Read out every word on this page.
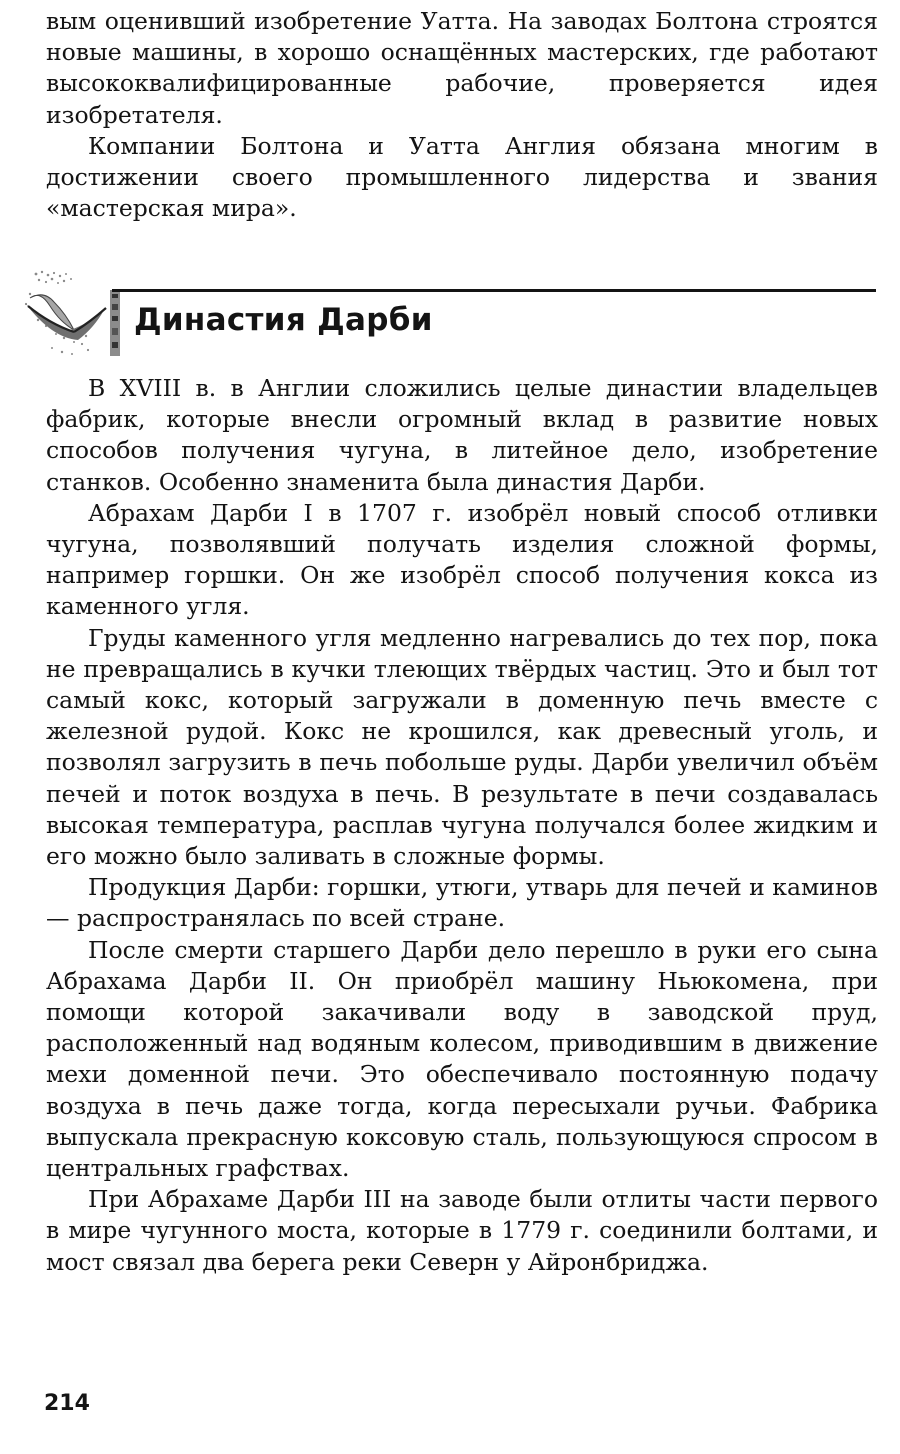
вым оценивший изобретение Уатта. На заводах Болтона строятся новые машины, в хорошо оснащённых мастерских, где работают высококвалифицированные рабочие, проверяется идея изобретателя.

Компании Болтона и Уатта Англия обязана многим в достижении своего промышленного лидерства и звания «мастерская мира».

Династия Дарби

В XVIII в. в Англии сложились целые династии владельцев фабрик, которые внесли огромный вклад в развитие новых способов получения чугуна, в литейное дело, изобретение станков. Особенно знаменита была династия Дарби.

Абрахам Дарби I в 1707 г. изобрёл новый способ отливки чугуна, позволявший получать изделия сложной формы, например горшки. Он же изобрёл способ получения кокса из каменного угля.

Груды каменного угля медленно нагревались до тех пор, пока не превращались в кучки тлеющих твёрдых частиц. Это и был тот самый кокс, который загружали в доменную печь вместе с железной рудой. Кокс не крошился, как древесный уголь, и позволял загрузить в печь побольше руды. Дарби увеличил объём печей и поток воздуха в печь. В результате в печи создавалась высокая температура, расплав чугуна получался более жидким и его можно было заливать в сложные формы.

Продукция Дарби: горшки, утюги, утварь для печей и каминов — распространялась по всей стране.

После смерти старшего Дарби дело перешло в руки его сына Абрахама Дарби II. Он приобрёл машину Ньюкомена, при помощи которой закачивали воду в заводской пруд, расположенный над водяным колесом, приводившим в движение мехи доменной печи. Это обеспечивало постоянную подачу воздуха в печь даже тогда, когда пересыхали ручьи. Фабрика выпускала прекрасную коксовую сталь, пользующуюся спросом в центральных графствах.

При Абрахаме Дарби III на заводе были отлиты части первого в мире чугунного моста, которые в 1779 г. соединили болтами, и мост связал два берега реки Северн у Айронбриджа.

214
